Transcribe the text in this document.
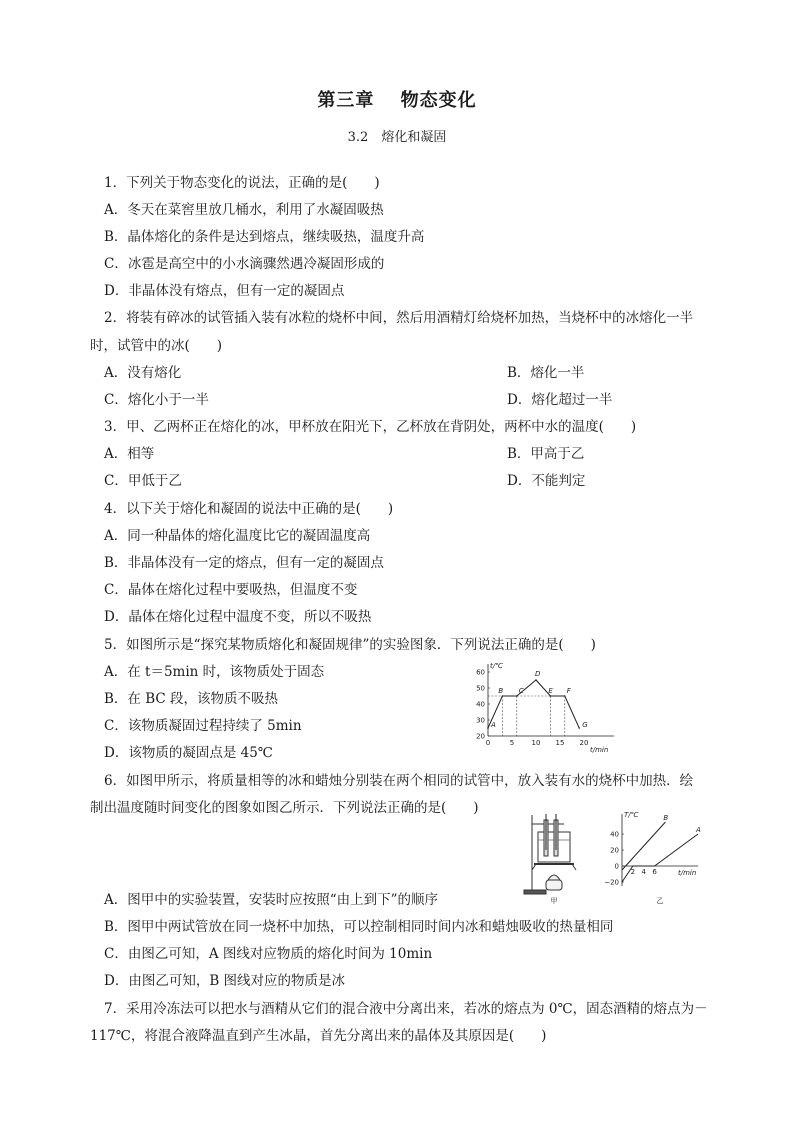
第三章　 物态变化
3.2　熔化和凝固
1．下列关于物态变化的说法，正确的是(　　)
A．冬天在菜窖里放几桶水，利用了水凝固吸热
B．晶体熔化的条件是达到熔点，继续吸热，温度升高
C．冰雹是高空中的小水滴骤然遇冷凝固形成的
D．非晶体没有熔点，但有一定的凝固点
2．将装有碎冰的试管插入装有冰粒的烧杯中间，然后用酒精灯给烧杯加热，当烧杯中的冰熔化一半
时，试管中的冰(　　)
A．没有熔化	B．熔化一半
C．熔化小于一半	D．熔化超过一半
3．甲、乙两杯正在熔化的冰，甲杯放在阳光下，乙杯放在背阴处，两杯中水的温度(　　)
A．相等	B．甲高于乙
C．甲低于乙	D．不能判定
4．以下关于熔化和凝固的说法中正确的是(　　)
A．同一种晶体的熔化温度比它的凝固温度高
B．非晶体没有一定的熔点，但有一定的凝固点
C．晶体在熔化过程中要吸热，但温度不变
D．晶体在熔化过程中温度不变，所以不吸热
5．如图所示是“探究某物质熔化和凝固规律”的实验图象．下列说法正确的是(　　)
A．在 t＝5min 时，该物质处于固态
B．在 BC 段，该物质不吸热
C．该物质凝固过程持续了 5min
D．该物质的凝固点是 45℃
t/℃
t/min
20
30
40
50
60
0	5 10 15 20
A
B C
D
E F
G
6．如图甲所示，将质量相等的冰和蜡烛分别装在两个相同的试管中，放入装有水的烧杯中加热．绘
制出温度随时间变化的图象如图乙所示．下列说法正确的是(　　)
甲
T/℃
t/min
40
20
0
−20
2 4 6
A
B
乙
A．图甲中的实验装置，安装时应按照“由上到下”的顺序
B．图甲中两试管放在同一烧杯中加热，可以控制相同时间内冰和蜡烛吸收的热量相同
C．由图乙可知，A 图线对应物质的熔化时间为 10min
D．由图乙可知，B 图线对应的物质是冰
7．采用冷冻法可以把水与酒精从它们的混合液中分离出来，若冰的熔点为 0℃，固态酒精的熔点为－
117℃，将混合液降温直到产生冰晶，首先分离出来的晶体及其原因是(　　)
